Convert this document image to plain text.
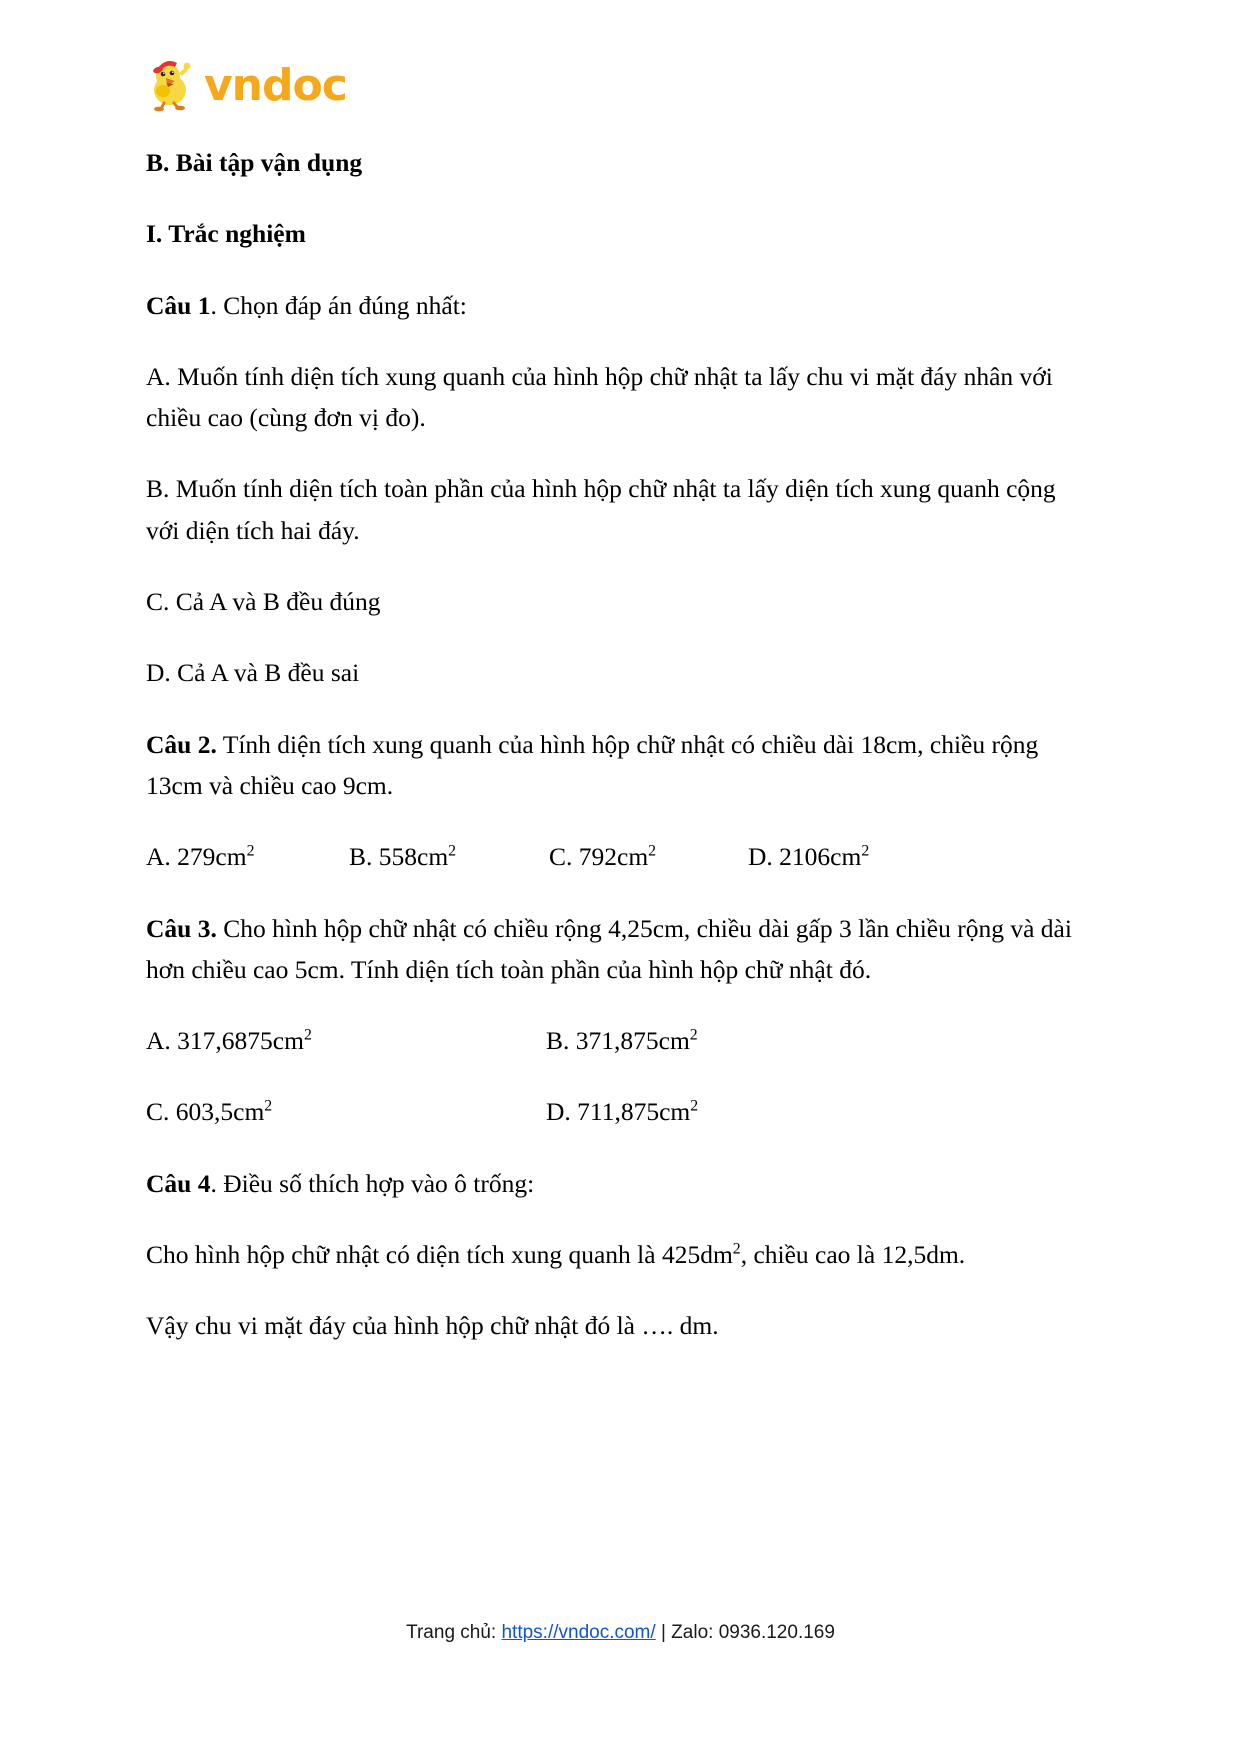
vndoc

B. Bài tập vận dụng

I. Trắc nghiệm

Câu 1. Chọn đáp án đúng nhất:

A. Muốn tính diện tích xung quanh của hình hộp chữ nhật ta lấy chu vi mặt đáy nhân với chiều cao (cùng đơn vị đo).

B. Muốn tính diện tích toàn phần của hình hộp chữ nhật ta lấy diện tích xung quanh cộng với diện tích hai đáy.

C. Cả A và B đều đúng

D. Cả A và B đều sai

Câu 2. Tính diện tích xung quanh của hình hộp chữ nhật có chiều dài 18cm, chiều rộng 13cm và chiều cao 9cm.

A. $279cm^2$	B. $558cm^2$	C. $792cm^2$	D. $2106cm^2$

Câu 3. Cho hình hộp chữ nhật có chiều rộng 4,25cm, chiều dài gấp 3 lần chiều rộng và dài hơn chiều cao 5cm. Tính diện tích toàn phần của hình hộp chữ nhật đó.

A. $317,6875cm^2$	B. $371,875cm^2$
C. $603,5cm^2$	D. $711,875cm^2$

Câu 4. Điều số thích hợp vào ô trống:

Cho hình hộp chữ nhật có diện tích xung quanh là $425dm^2$, chiều cao là 12,5dm.

Vậy chu vi mặt đáy của hình hộp chữ nhật đó là …. dm.

Trang chủ: https://vndoc.com/ | Zalo: 0936.120.169
